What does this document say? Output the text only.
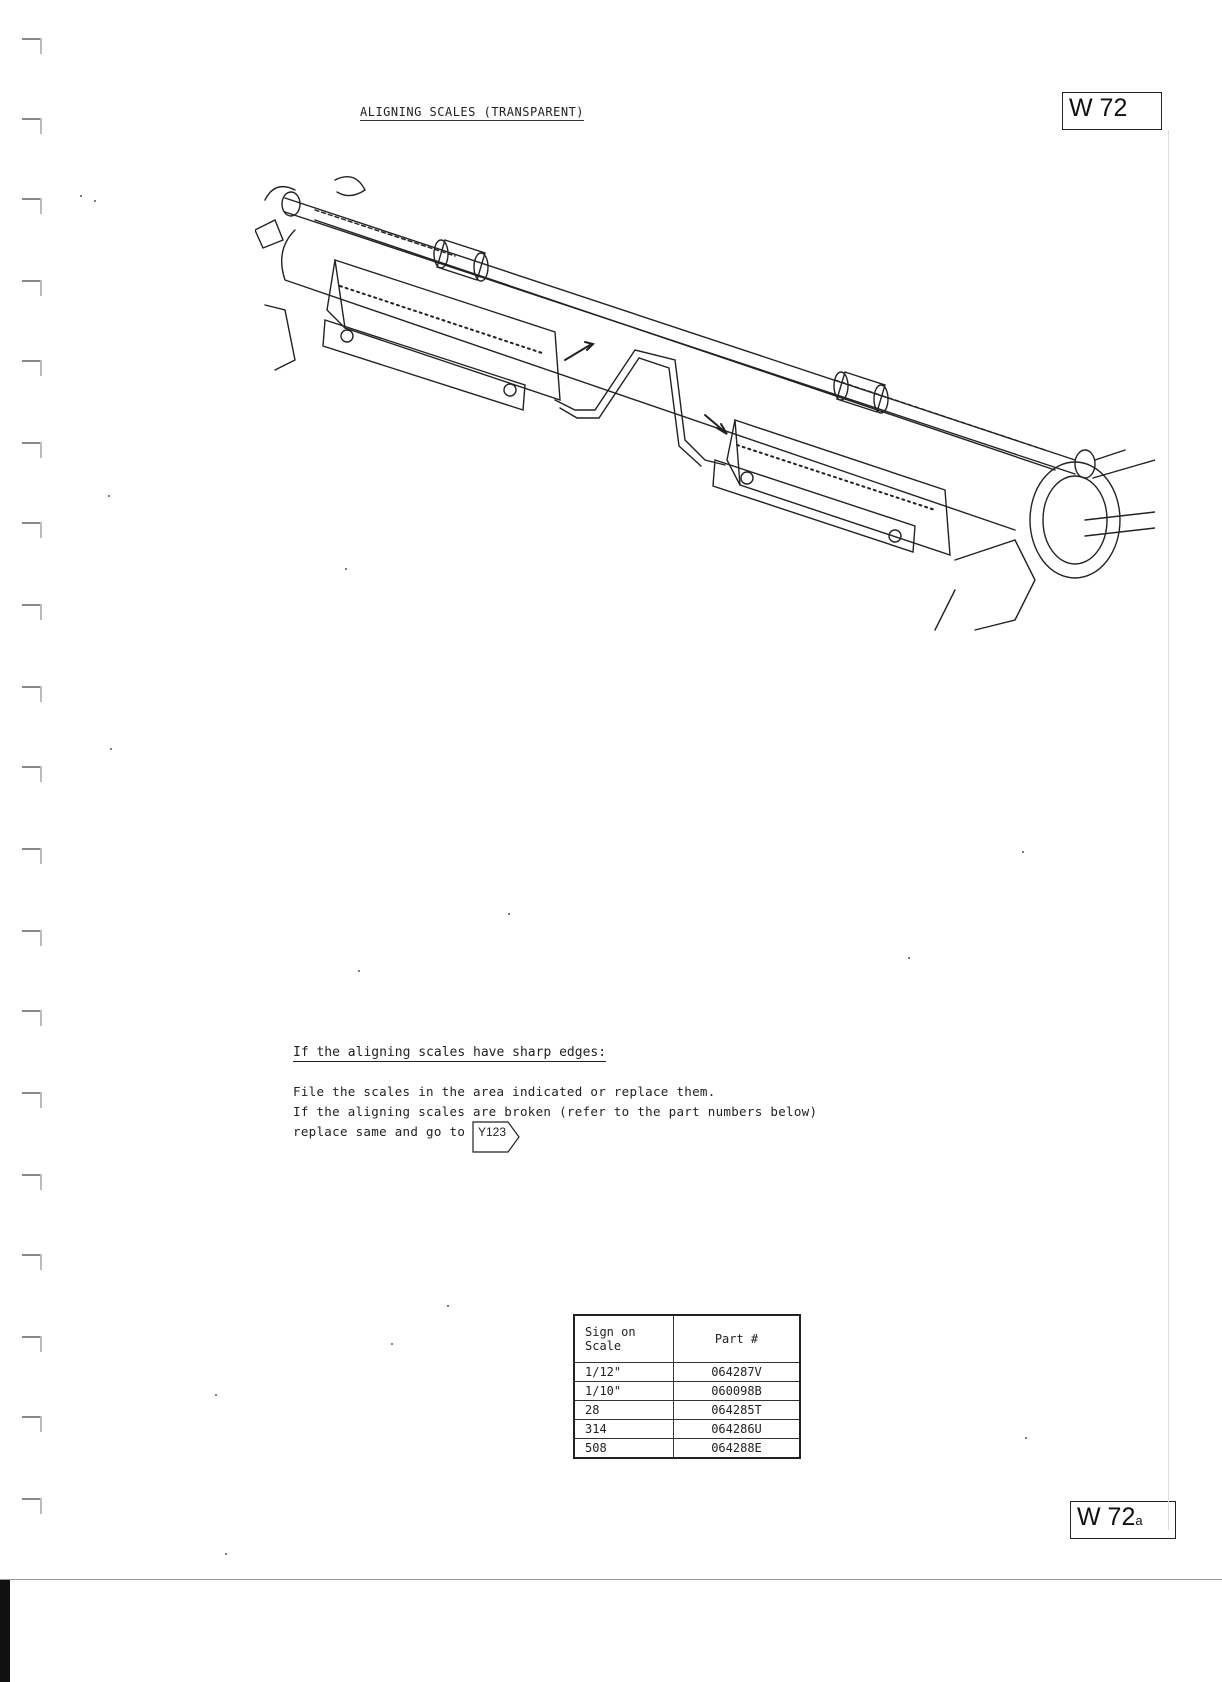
ALIGNING SCALES (TRANSPARENT)	W 72
If the aligning scales have sharp edges:
File the scales in the area indicated or replace them.
If the aligning scales are broken (refer to the part numbers below)
replace same and go to Y123
Sign on Scale	Part #
1/12"	064287V
1/10"	060098B
28	064285T
314	064286U
508	064288E
W 72a
